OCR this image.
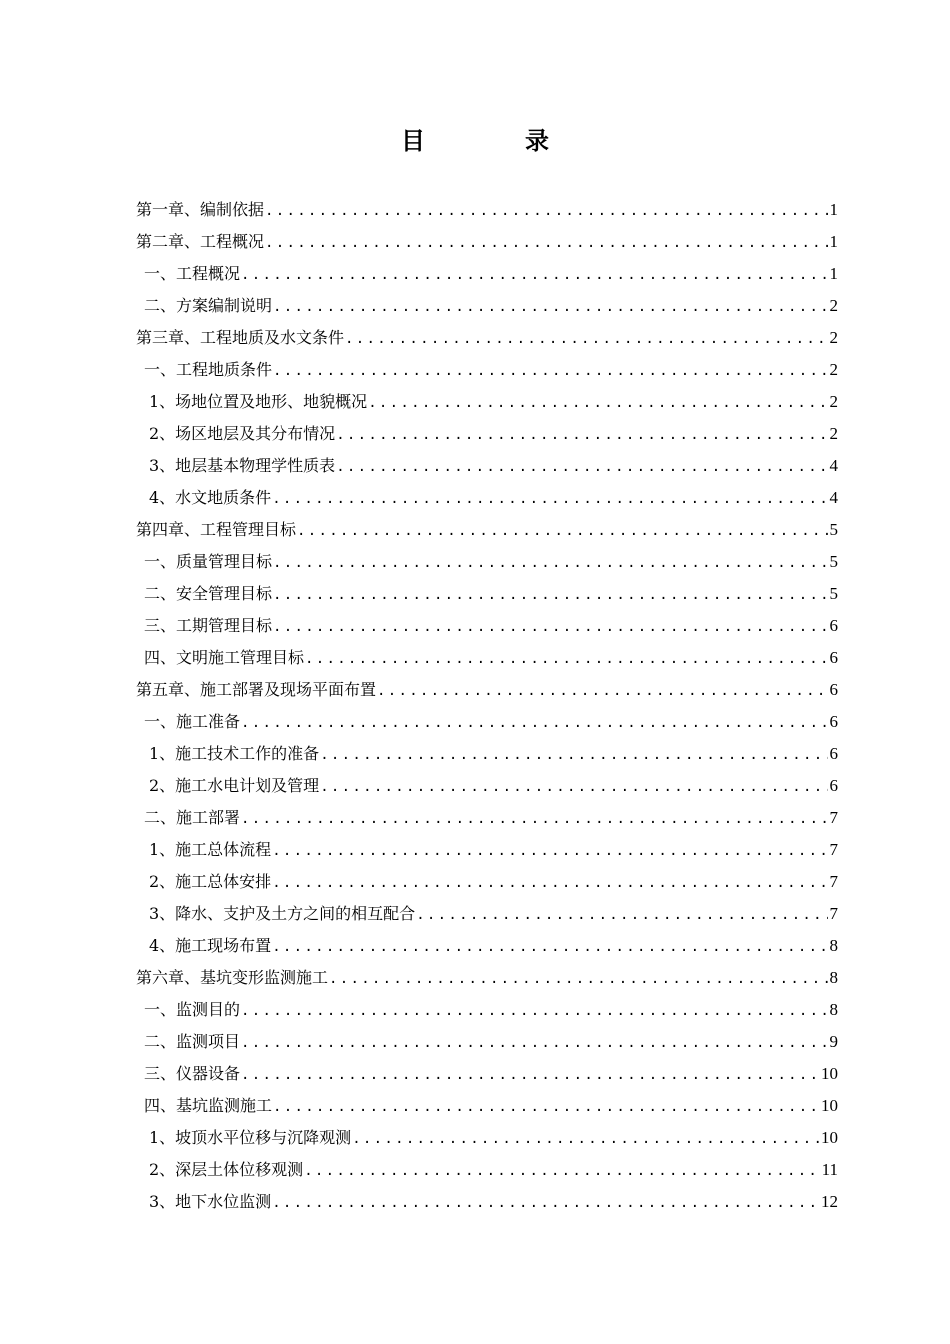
目　录
第一章、编制依据 .....	1
第二章、工程概况 .....	1
一、工程概况 .....	1
二、方案编制说明 .....	2
第三章、工程地质及水文条件 .....	2
一、工程地质条件 .....	2
1、场地位置及地形、地貌概况 .....	2
2、场区地层及其分布情况 .....	2
3、地层基本物理学性质表 .....	4
4、水文地质条件 .....	4
第四章、工程管理目标 .....	5
一、质量管理目标 .....	5
二、安全管理目标 .....	5
三、工期管理目标 .....	6
四、文明施工管理目标 .....	6
第五章、施工部署及现场平面布置 .....	6
一、施工准备 .....	6
1、施工技术工作的准备 .....	6
2、施工水电计划及管理 .....	6
二、施工部署 .....	7
1、施工总体流程 .....	7
2、施工总体安排 .....	7
3、降水、支护及土方之间的相互配合 .....	7
4、施工现场布置 .....	8
第六章、基坑变形监测施工 .....	8
一、监测目的 .....	8
二、监测项目 .....	9
三、仪器设备 .....	10
四、基坑监测施工 .....	10
1、坡顶水平位移与沉降观测 .....	10
2、深层土体位移观测 .....	11
3、地下水位监测 .....	12
